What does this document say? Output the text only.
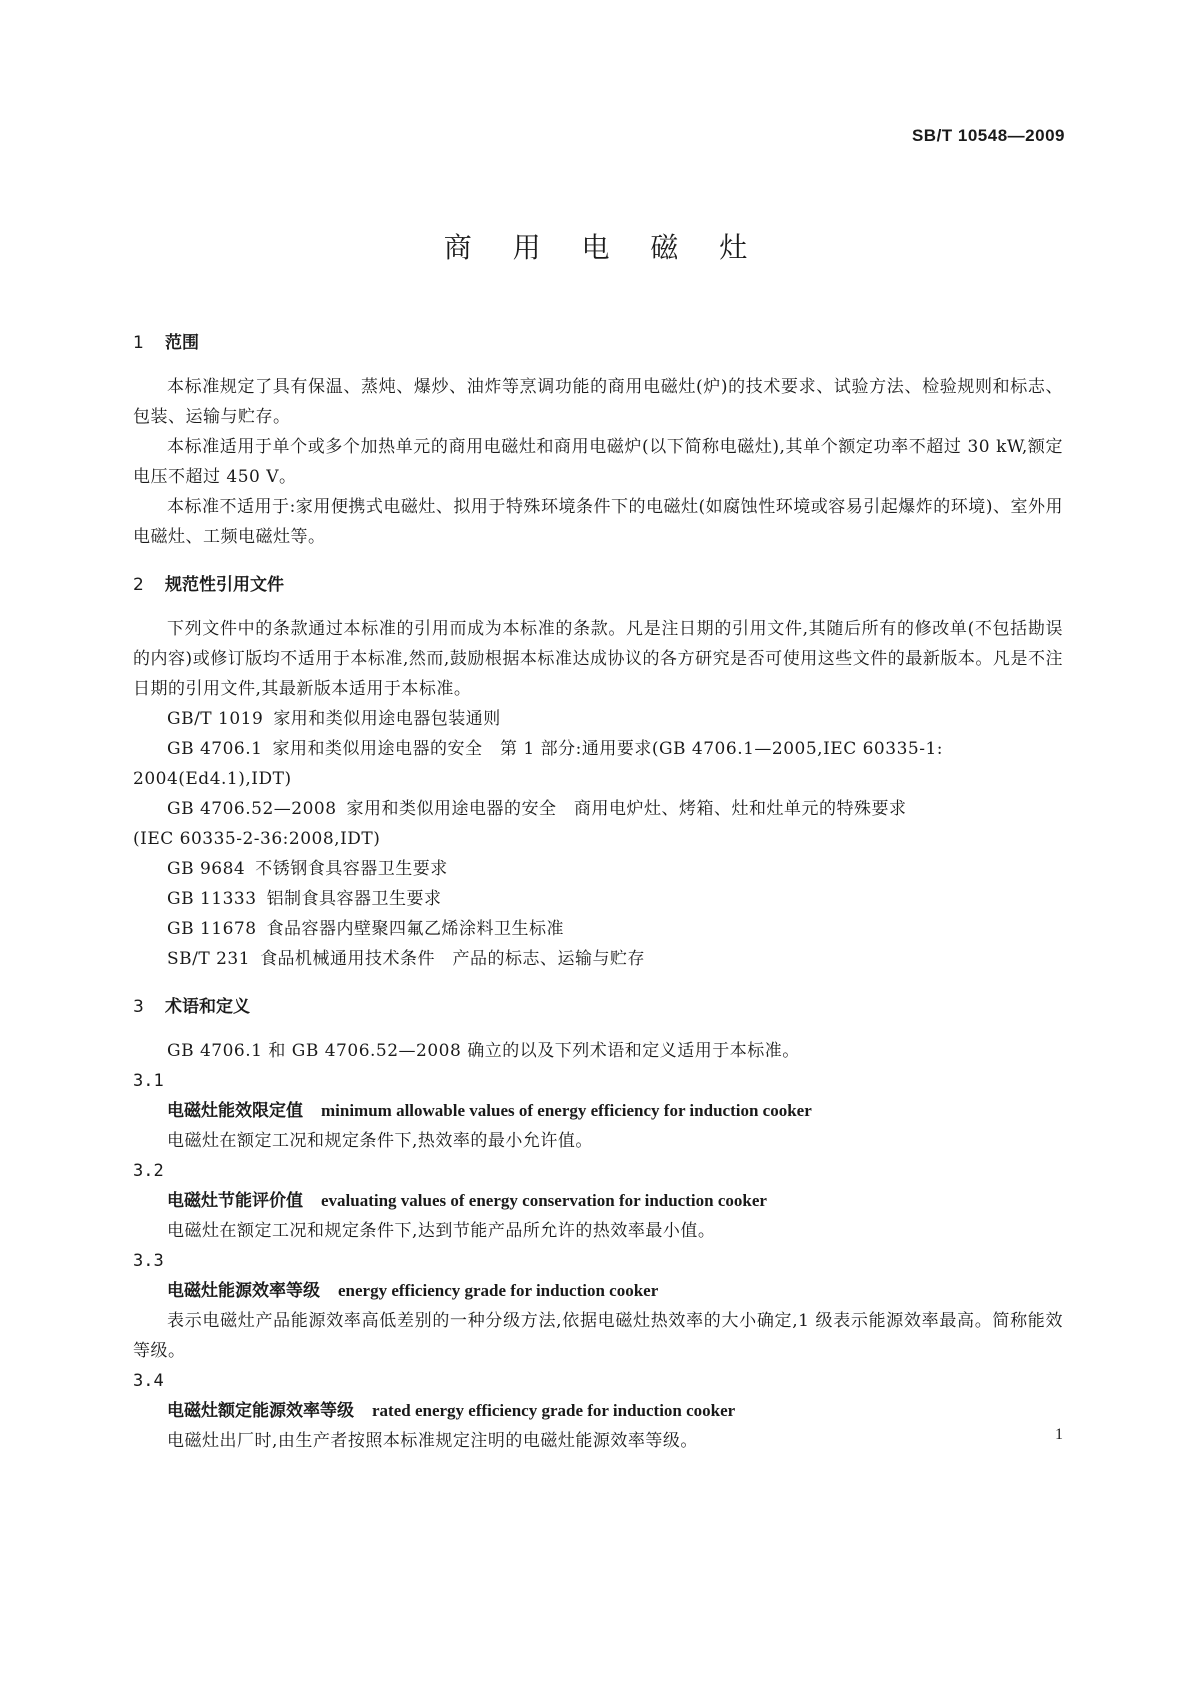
SB/T 10548—2009
商 用 电 磁 灶

1 范围

本标准规定了具有保温、蒸炖、爆炒、油炸等烹调功能的商用电磁灶(炉)的技术要求、试验方法、检验规则和标志、包装、运输与贮存。

本标准适用于单个或多个加热单元的商用电磁灶和商用电磁炉(以下简称电磁灶),其单个额定功率不超过 30 kW,额定电压不超过 450 V。

本标准不适用于:家用便携式电磁灶、拟用于特殊环境条件下的电磁灶(如腐蚀性环境或容易引起爆炸的环境)、室外用电磁灶、工频电磁灶等。

2 规范性引用文件

下列文件中的条款通过本标准的引用而成为本标准的条款。凡是注日期的引用文件,其随后所有的修改单(不包括勘误的内容)或修订版均不适用于本标准,然而,鼓励根据本标准达成协议的各方研究是否可使用这些文件的最新版本。凡是不注日期的引用文件,其最新版本适用于本标准。

GB/T 1019 家用和类似用途电器包装通则

GB 4706.1 家用和类似用途电器的安全　第 1 部分:通用要求(GB 4706.1—2005,IEC 60335-1:

2004(Ed4.1),IDT)

GB 4706.52—2008 家用和类似用途电器的安全　商用电炉灶、烤箱、灶和灶单元的特殊要求

(IEC 60335-2-36:2008,IDT)

GB 9684 不锈钢食具容器卫生要求

GB 11333 铝制食具容器卫生要求

GB 11678 食品容器内壁聚四氟乙烯涂料卫生标准

SB/T 231 食品机械通用技术条件　产品的标志、运输与贮存

3 术语和定义

GB 4706.1 和 GB 4706.52—2008 确立的以及下列术语和定义适用于本标准。

3.1

电磁灶能效限定值 minimum allowable values of energy efficiency for induction cooker

电磁灶在额定工况和规定条件下,热效率的最小允许值。

3.2

电磁灶节能评价值 evaluating values of energy conservation for induction cooker

电磁灶在额定工况和规定条件下,达到节能产品所允许的热效率最小值。

3.3

电磁灶能源效率等级 energy efficiency grade for induction cooker

表示电磁灶产品能源效率高低差别的一种分级方法,依据电磁灶热效率的大小确定,1 级表示能源效率最高。简称能效等级。

3.4

电磁灶额定能源效率等级 rated energy efficiency grade for induction cooker

电磁灶出厂时,由生产者按照本标准规定注明的电磁灶能源效率等级。	1
